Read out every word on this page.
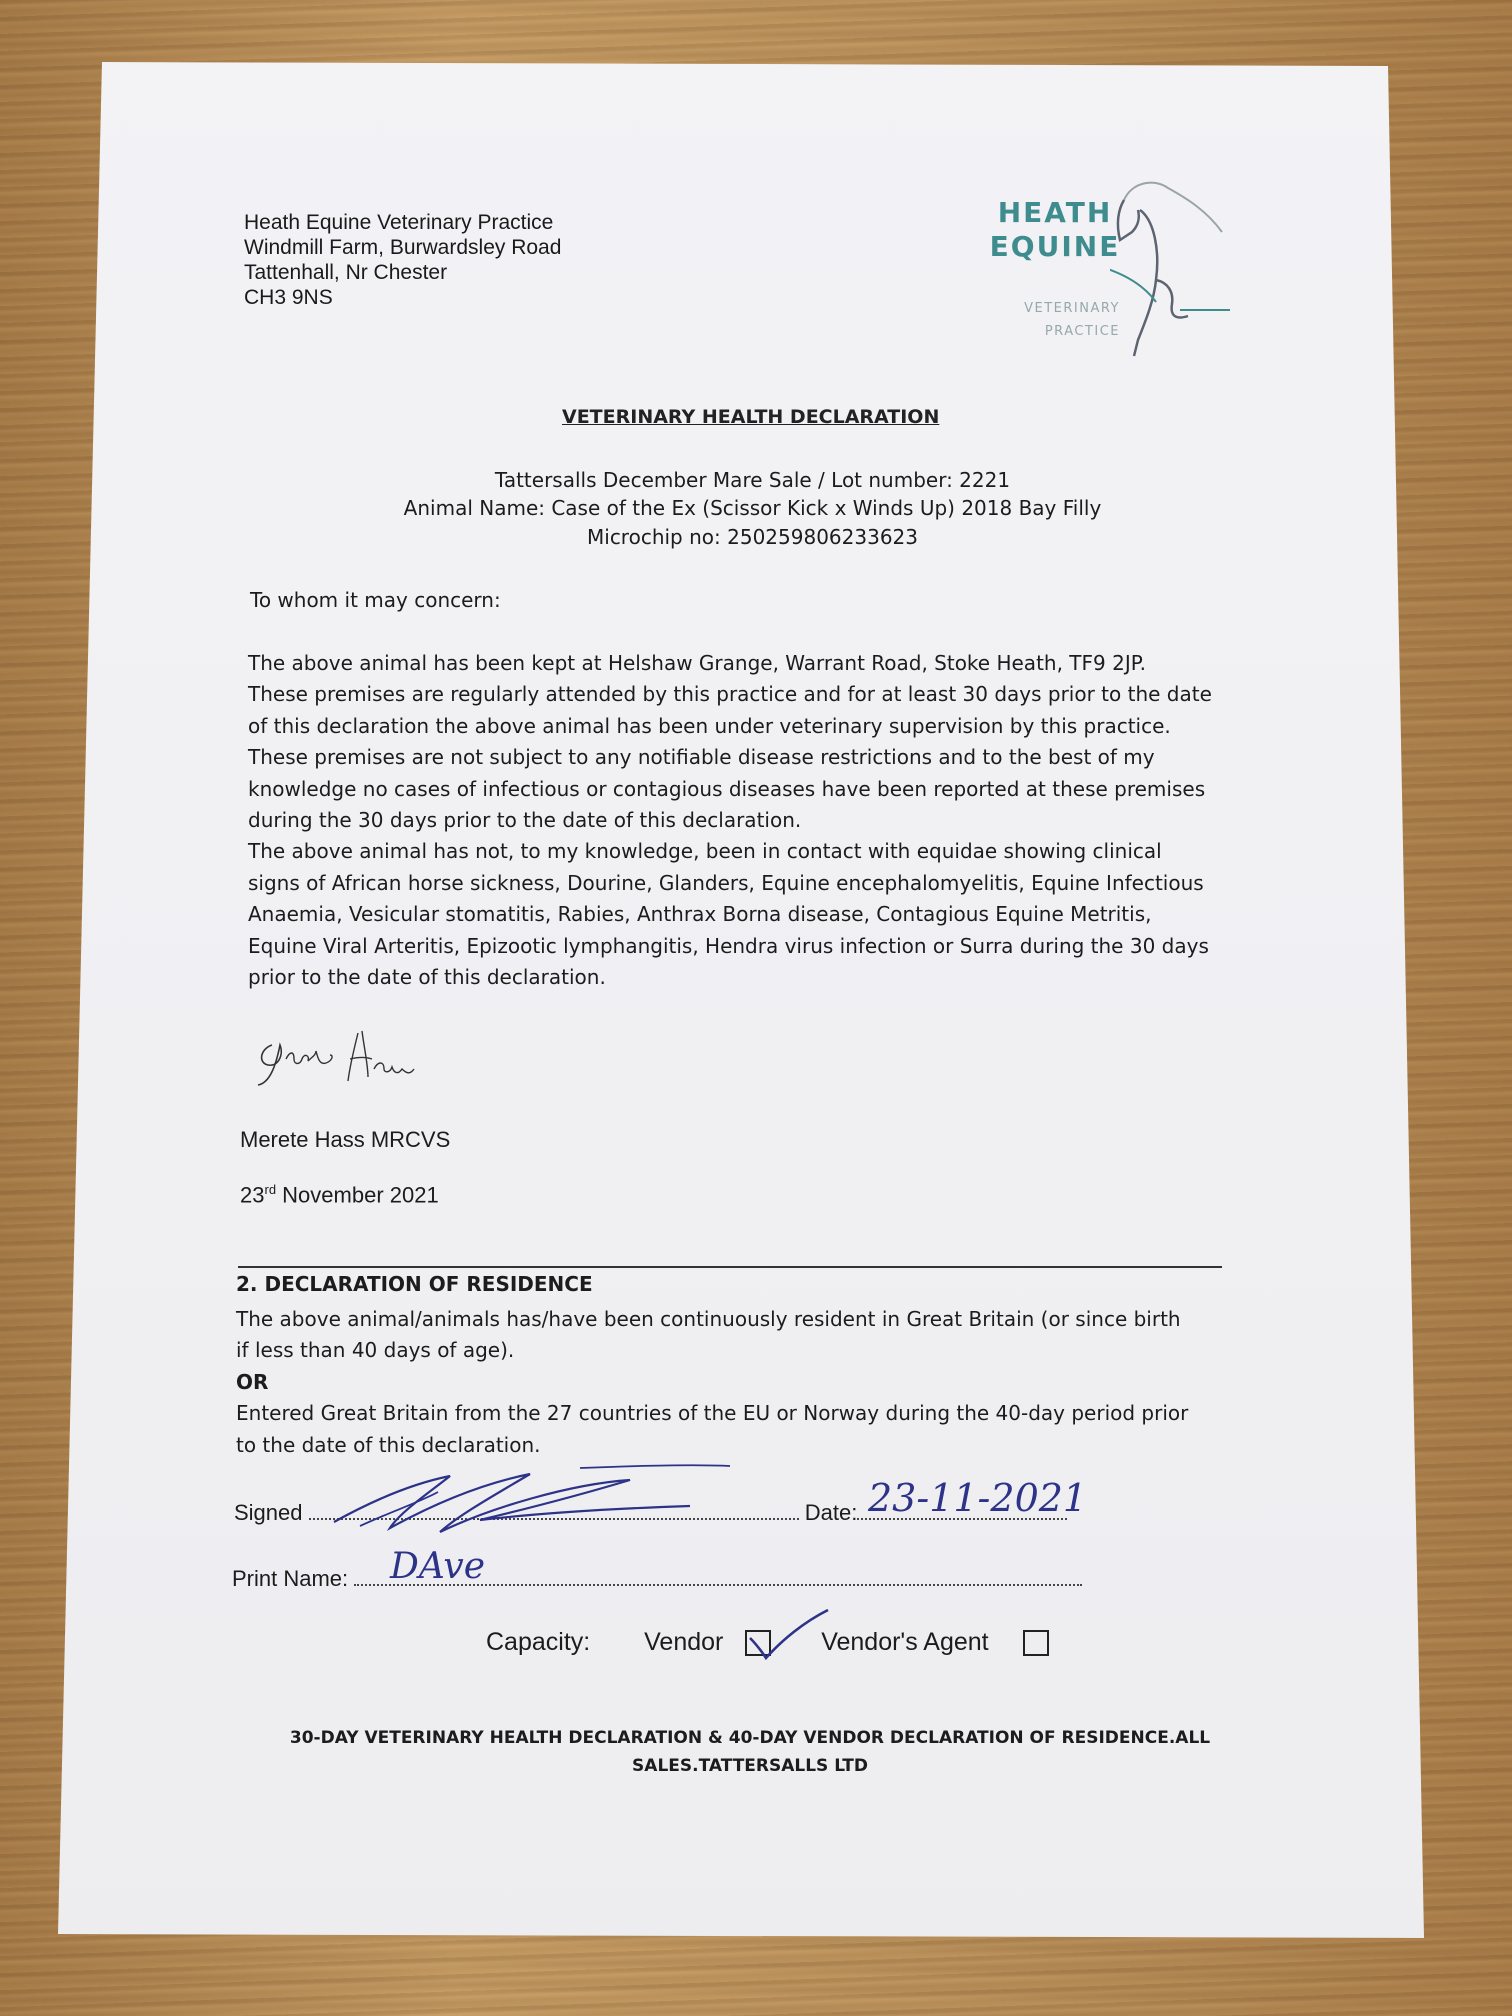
Heath Equine Veterinary Practice
Windmill Farm, Burwardsley Road
Tattenhall, Nr Chester
CH3 9NS
HEATH
EQUINE
VETERINARY
PRACTICE
VETERINARY HEALTH DECLARATION
Tattersalls December Mare Sale / Lot number: 2221
Animal Name: Case of the Ex (Scissor Kick x Winds Up) 2018 Bay Filly
Microchip no: 250259806233623
To whom it may concern:
The above animal has been kept at Helshaw Grange, Warrant Road, Stoke Heath, TF9 2JP.
These premises are regularly attended by this practice and for at least 30 days prior to the date
of this declaration the above animal has been under veterinary supervision by this practice.
These premises are not subject to any notifiable disease restrictions and to the best of my
knowledge no cases of infectious or contagious diseases have been reported at these premises
during the 30 days prior to the date of this declaration.
The above animal has not, to my knowledge, been in contact with equidae showing clinical
signs of African horse sickness, Dourine, Glanders, Equine encephalomyelitis, Equine Infectious
Anaemia, Vesicular stomatitis, Rabies, Anthrax Borna disease, Contagious Equine Metritis,
Equine Viral Arteritis, Epizootic lymphangitis, Hendra virus infection or Surra during the 30 days
prior to the date of this declaration.
Merete Hass MRCVS
23rd November 2021
2. DECLARATION OF RESIDENCE
The above animal/animals has/have been continuously resident in Great Britain (or since birth
if less than 40 days of age).
OR
Entered Great Britain from the 27 countries of the EU or Norway during the 40-day period prior
to the date of this declaration.
Signed	Date: 23-11-2021
Print Name:	DAve
Capacity: Vendor	Vendor's Agent
30-DAY VETERINARY HEALTH DECLARATION & 40-DAY VENDOR DECLARATION OF RESIDENCE.ALL
SALES.TATTERSALLS LTD
